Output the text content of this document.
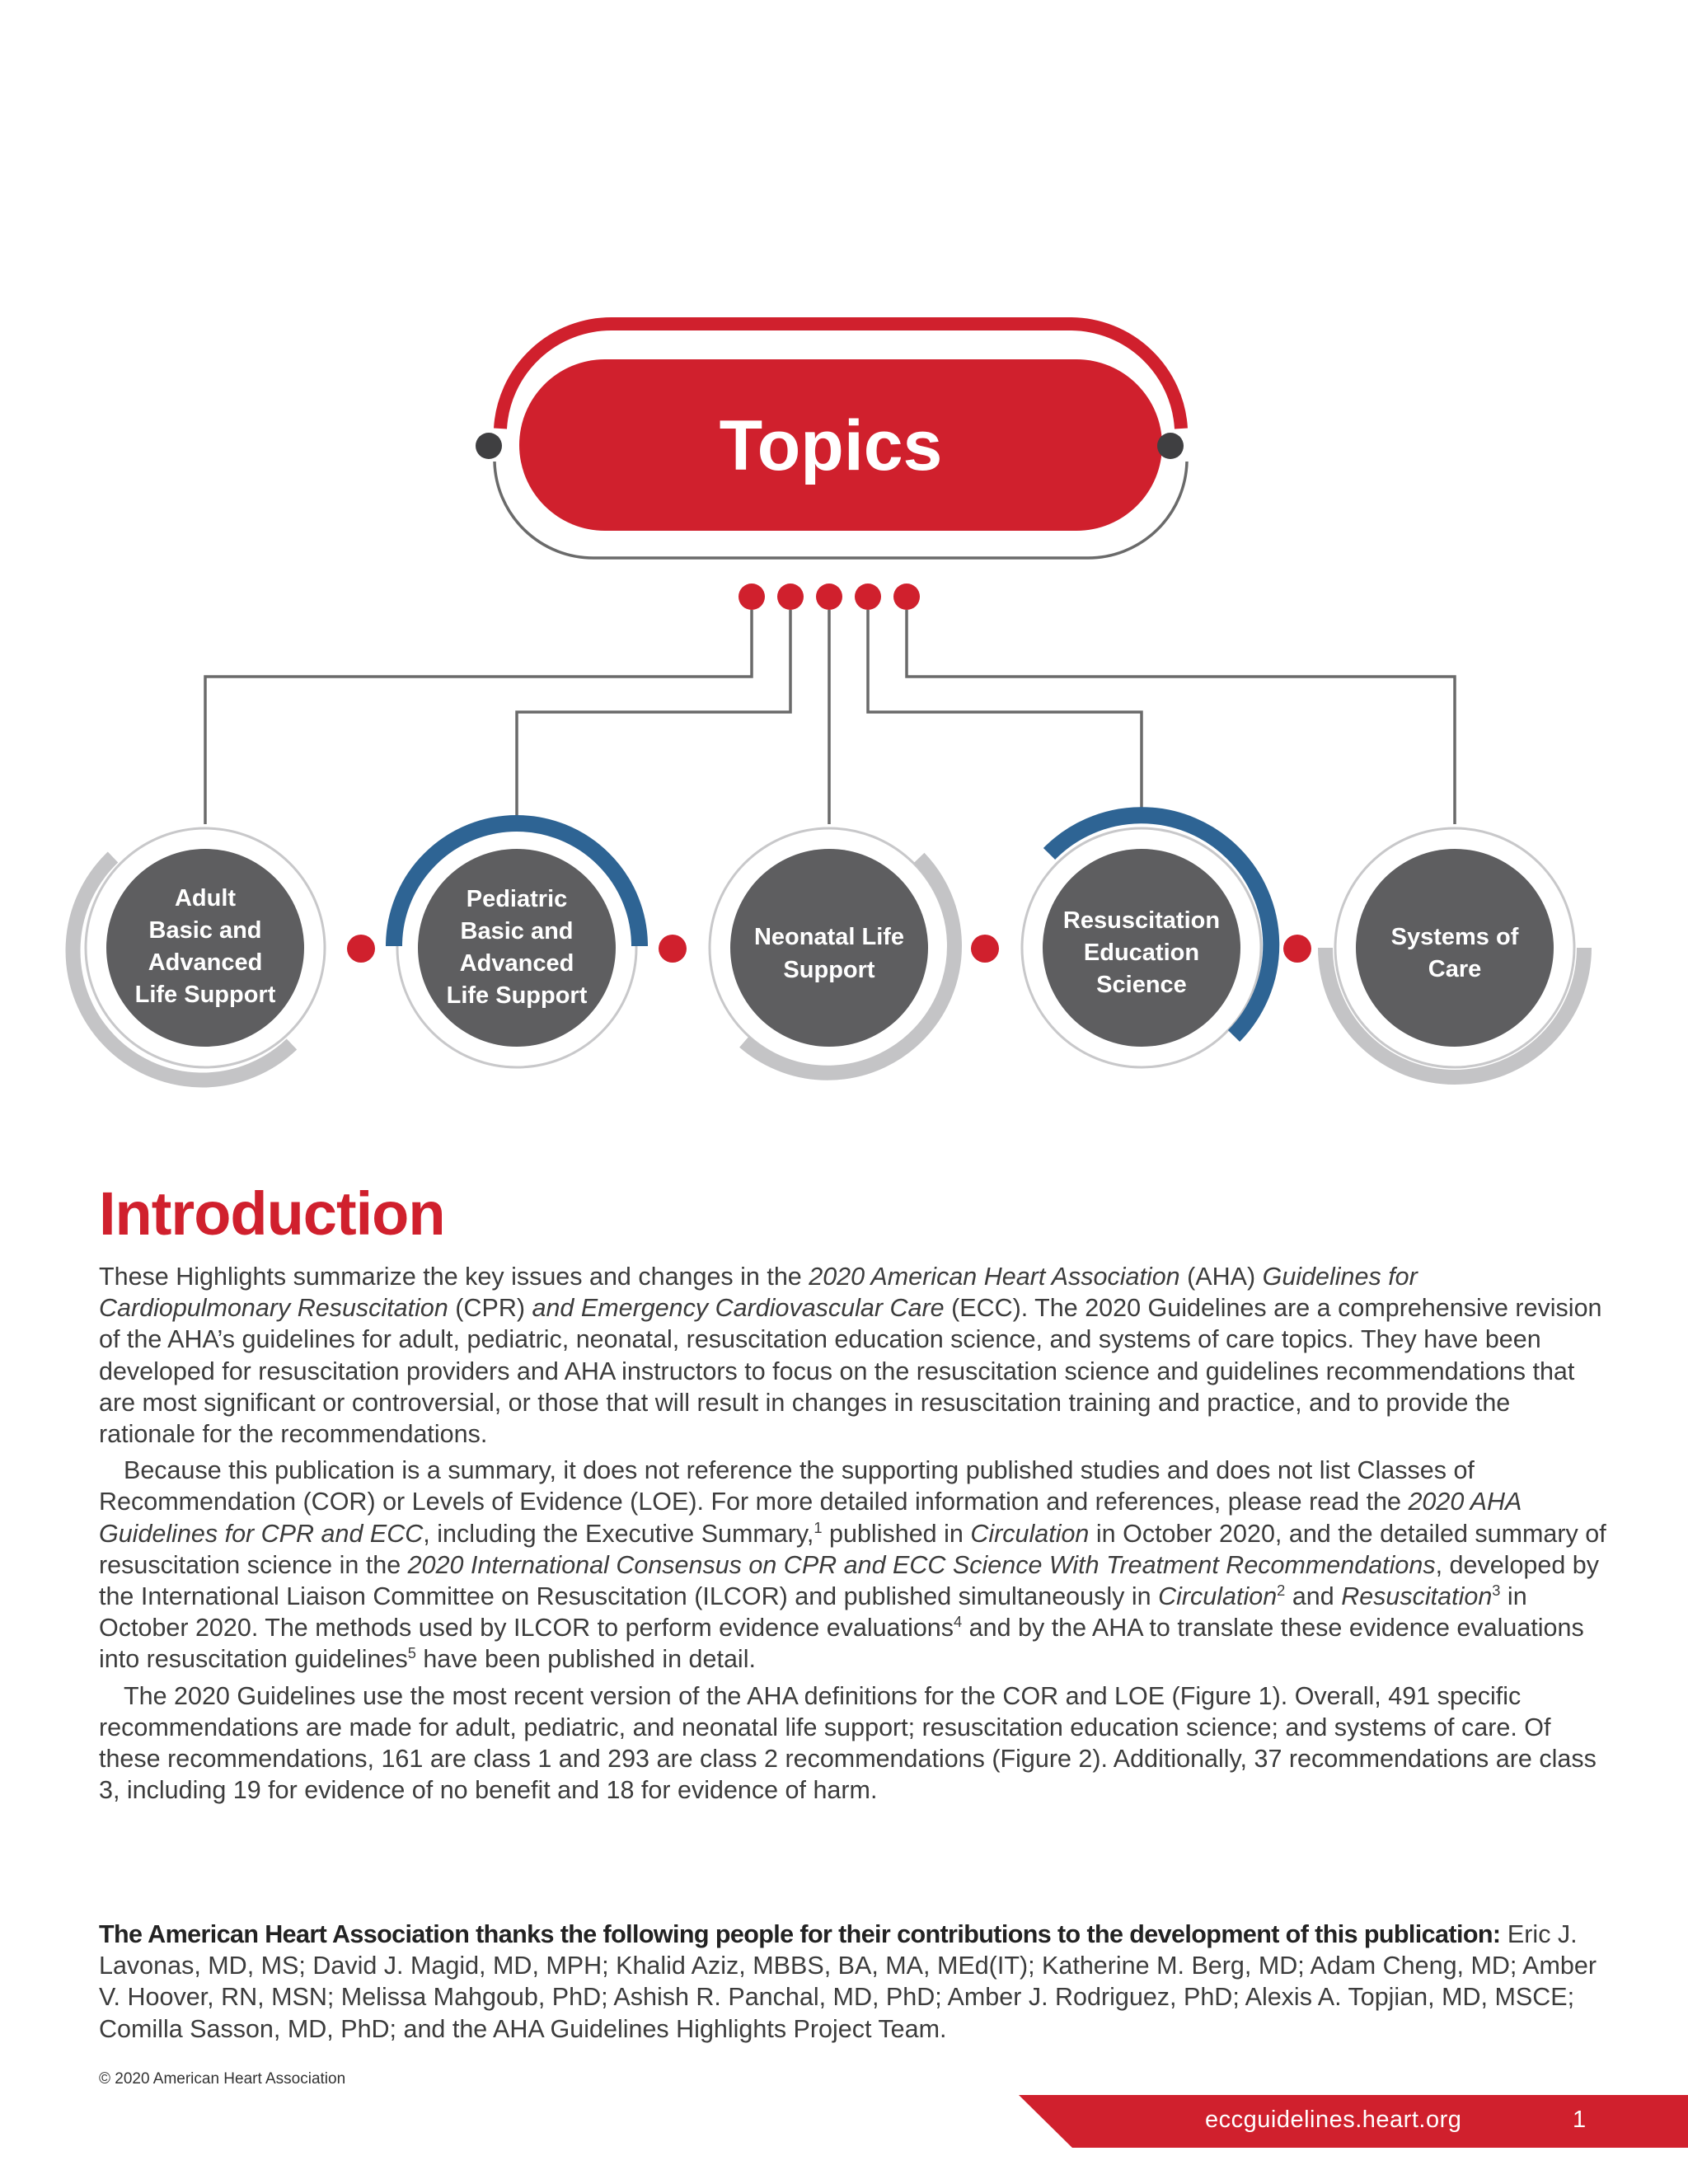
Topics
Adult
Basic and
Advanced
Life Support
Pediatric
Basic and
Advanced
Life Support
Neonatal Life
Support
Resuscitation
Education
Science
Systems of
Care
Introduction

These Highlights summarize the key issues and changes in the 2020 American Heart Association (AHA) Guidelines for Cardiopulmonary Resuscitation (CPR) and Emergency Cardiovascular Care (ECC). The 2020 Guidelines are a comprehensive revision of the AHA’s guidelines for adult, pediatric, neonatal, resuscitation education science, and systems of care topics. They have been developed for resuscitation providers and AHA instructors to focus on the resuscitation science and guidelines recommendations that are most significant or controversial, or those that will result in changes in resuscitation training and practice, and to provide the rationale for the recommendations.

Because this publication is a summary, it does not reference the supporting published studies and does not list Classes of Recommendation (COR) or Levels of Evidence (LOE). For more detailed information and references, please read the 2020 AHA Guidelines for CPR and ECC, including the Executive Summary,$^1$ published in Circulation in October 2020, and the detailed summary of resuscitation science in the 2020 International Consensus on CPR and ECC Science With Treatment Recommendations, developed by the International Liaison Committee on Resuscitation (ILCOR) and published simultaneously in Circulation$^2$ and Resuscitation$^3$ in October 2020. The methods used by ILCOR to perform evidence evaluations$^4$ and by the AHA to translate these evidence evaluations into resuscitation guidelines$^5$ have been published in detail.

The 2020 Guidelines use the most recent version of the AHA definitions for the COR and LOE (Figure 1). Overall, 491 specific recommendations are made for adult, pediatric, and neonatal life support; resuscitation education science; and systems of care. Of these recommendations, 161 are class 1 and 293 are class 2 recommendations (Figure 2). Additionally, 37 recommendations are class 3, including 19 for evidence of no benefit and 18 for evidence of harm.

The American Heart Association thanks the following people for their contributions to the development of this publication: Eric J. Lavonas, MD, MS; David J. Magid, MD, MPH; Khalid Aziz, MBBS, BA, MA, MEd(IT); Katherine M. Berg, MD; Adam Cheng, MD; Amber V. Hoover, RN, MSN; Melissa Mahgoub, PhD; Ashish R. Panchal, MD, PhD; Amber J. Rodriguez, PhD; Alexis A. Topjian, MD, MSCE; Comilla Sasson, MD, PhD; and the AHA Guidelines Highlights Project Team.

© 2020 American Heart Association
eccguidelines.heart.org	1
